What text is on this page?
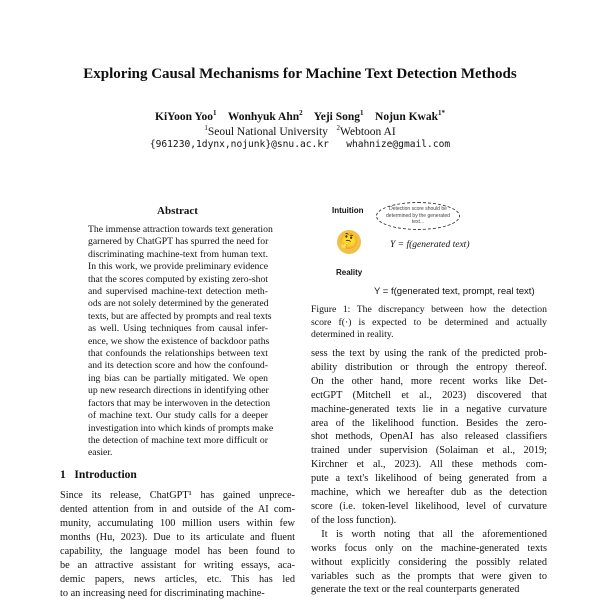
Exploring Causal Mechanisms for Machine Text Detection Methods
KiYoon Yoo$^1$ Wonhyuk Ahn$^2$ Yeji Song$^1$ Nojun Kwak$^{1*}$
$^1$Seoul National University $^2$Webtoon AI
{961230,1dynx,nojunk}@snu.ac.kr   whahnize@gmail.com
Abstract
The immense attraction towards text generation
garnered by ChatGPT has spurred the need for
discriminating machine-text from human text.
In this work, we provide preliminary evidence
that the scores computed by existing zero-shot
and supervised machine-text detection meth-
ods are not solely determined by the generated
texts, but are affected by prompts and real texts
as well. Using techniques from causal infer-
ence, we show the existence of backdoor paths
that confounds the relationships between text
and its detection score and how the confound-
ing bias can be partially mitigated. We open
up new research directions in identifying other
factors that may be interwoven in the detection
of machine text. Our study calls for a deeper
investigation into which kinds of prompts make
the detection of machine text more difficult or
easier.
1   Introduction
Since its release, ChatGPT¹ has gained unprece-
dented attention from in and outside of the AI com-
munity, accumulating 100 million users within few
months (Hu, 2023). Due to its articulate and fluent
capability, the language model has been found to
be an attractive assistant for writing essays, aca-
demic papers, news articles, etc. This has led
to an increasing need for discriminating machine-
Intuition	Detection score should be determined by the generated text...
🤔	Y = f(generated text)
Reality
Y = f(generated text, prompt, real text)
Figure 1: The discrepancy between how the detection
score f(·) is expected to be determined and actually
determined in reality.
sess the text by using the rank of the predicted prob-
ability distribution or through the entropy thereof.
On the other hand, more recent works like Det-
ectGPT (Mitchell et al., 2023) discovered that
machine-generated texts lie in a negative curvature
area of the likelihood function. Besides the zero-
shot methods, OpenAI has also released classifiers
trained under supervision (Solaiman et al., 2019;
Kirchner et al., 2023). All these methods com-
pute a text's likelihood of being generated from a
machine, which we hereafter dub as the detection
score (i.e. token-level likelihood, level of curvature
of the loss function).
 It is worth noting that all the aforementioned
works focus only on the machine-generated texts
without explicitly considering the possibly related
variables such as the prompts that were given to
generate the text or the real counterparts generated
